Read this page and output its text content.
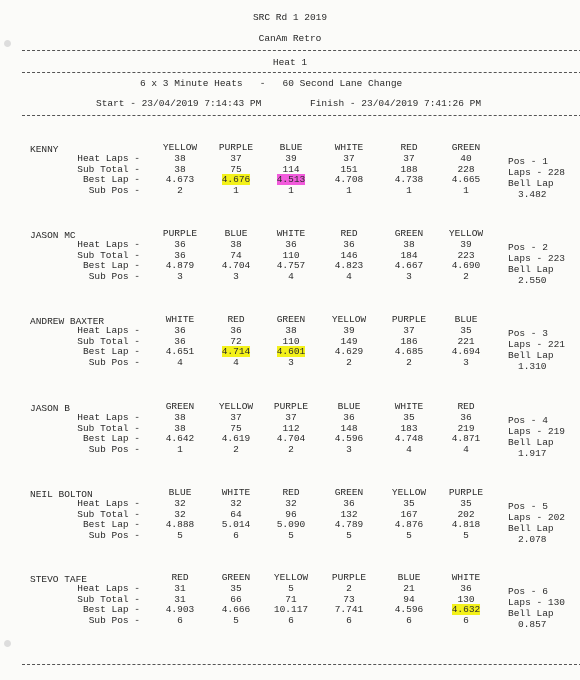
SRC Rd 1 2019
CanAm Retro
Heat 1
6 x 3 Minute Heats   -   60 Second Lane Change
Start - 23/04/2019 7:14:43 PM	Finish - 23/04/2019 7:41:26 PM
KENNY	YELLOW	PURPLE	BLUE	WHITE	RED	GREEN
Heat Laps -	38	37	39	37	37	40
Sub Total -	38	75	114	151	188	228
Best Lap -	4.673	4.676	4.513	4.708	4.738	4.665
Sub Pos -	2	1	1	1	1	1
Pos - 1
Laps - 228
Bell Lap
3.482
JASON MC	PURPLE	BLUE	WHITE	RED	GREEN	YELLOW
Heat Laps -	36	38	36	36	38	39
Sub Total -	36	74	110	146	184	223
Best Lap -	4.879	4.704	4.757	4.823	4.667	4.690
Sub Pos -	3	3	4	4	3	2
Pos - 2
Laps - 223
Bell Lap
2.550
ANDREW BAXTER	WHITE	RED	GREEN	YELLOW	PURPLE	BLUE
Heat Laps -	36	36	38	39	37	35
Sub Total -	36	72	110	149	186	221
Best Lap -	4.651	4.714	4.601	4.629	4.685	4.694
Sub Pos -	4	4	3	2	2	3
Pos - 3
Laps - 221
Bell Lap
1.310
JASON B	GREEN	YELLOW	PURPLE	BLUE	WHITE	RED
Heat Laps -	38	37	37	36	35	36
Sub Total -	38	75	112	148	183	219
Best Lap -	4.642	4.619	4.704	4.596	4.748	4.871
Sub Pos -	1	2	2	3	4	4
Pos - 4
Laps - 219
Bell Lap
1.917
NEIL BOLTON	BLUE	WHITE	RED	GREEN	YELLOW	PURPLE
Heat Laps -	32	32	32	36	35	35
Sub Total -	32	64	96	132	167	202
Best Lap -	4.888	5.014	5.090	4.789	4.876	4.818
Sub Pos -	5	6	5	5	5	5
Pos - 5
Laps - 202
Bell Lap
2.078
STEVO TAFE	RED	GREEN	YELLOW	PURPLE	BLUE	WHITE
Heat Laps -	31	35	5	2	21	36
Sub Total -	31	66	71	73	94	130
Best Lap -	4.903	4.666	10.117	7.741	4.596	4.632
Sub Pos -	6	5	6	6	6	6
Pos - 6
Laps - 130
Bell Lap
0.857
